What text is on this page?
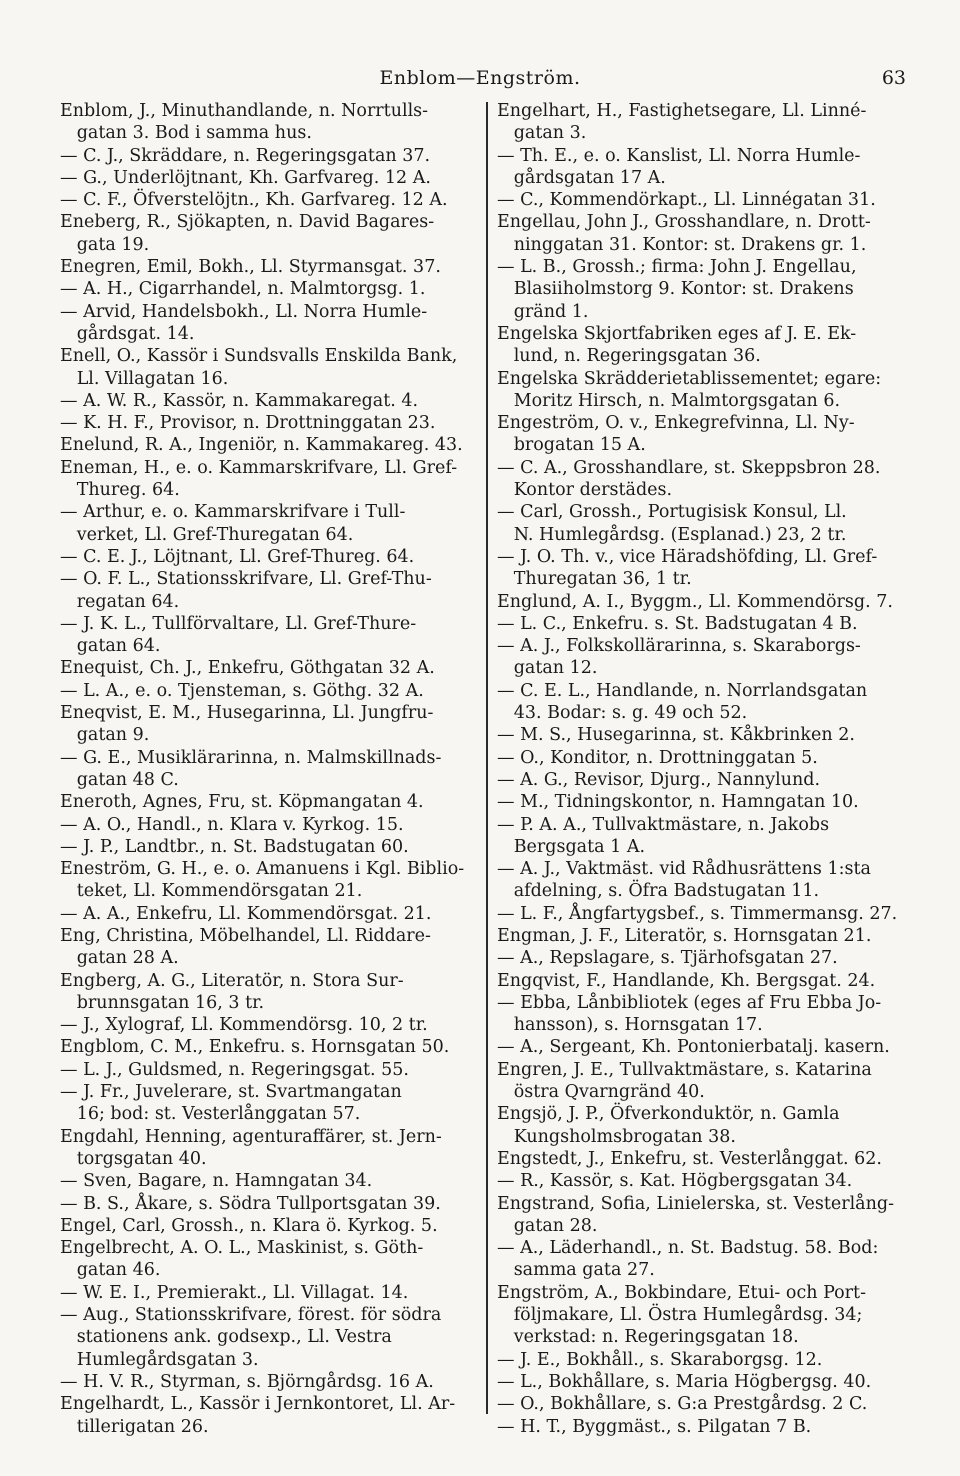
Enblom—Engström.	63
Enblom, J., Minuthandlande, n. Norrtulls-
gatan 3. Bod i samma hus.
— C. J., Skräddare, n. Regeringsgatan 37.
— G., Underlöjtnant, Kh. Garfvareg. 12 A.
— C. F., Öfverstelöjtn., Kh. Garfvareg. 12 A.
Eneberg, R., Sjökapten, n. David Bagares-
gata 19.
Enegren, Emil, Bokh., Ll. Styrmansgat. 37.
— A. H., Cigarrhandel, n. Malmtorgsg. 1.
— Arvid, Handelsbokh., Ll. Norra Humle-
gårdsgat. 14.
Enell, O., Kassör i Sundsvalls Enskilda Bank,
Ll. Villagatan 16.
— A. W. R., Kassör, n. Kammakaregat. 4.
— K. H. F., Provisor, n. Drottninggatan 23.
Enelund, R. A., Ingeniör, n. Kammakareg. 43.
Eneman, H., e. o. Kammarskrifvare, Ll. Gref-
Thureg. 64.
— Arthur, e. o. Kammarskrifvare i Tull-
verket, Ll. Gref-Thuregatan 64.
— C. E. J., Löjtnant, Ll. Gref-Thureg. 64.
— O. F. L., Stationsskrifvare, Ll. Gref-Thu-
regatan 64.
— J. K. L., Tullförvaltare, Ll. Gref-Thure-
gatan 64.
Enequist, Ch. J., Enkefru, Göthgatan 32 A.
— L. A., e. o. Tjensteman, s. Göthg. 32 A.
Eneqvist, E. M., Husegarinna, Ll. Jungfru-
gatan 9.
— G. E., Musiklärarinna, n. Malmskillnads-
gatan 48 C.
Eneroth, Agnes, Fru, st. Köpmangatan 4.
— A. O., Handl., n. Klara v. Kyrkog. 15.
— J. P., Landtbr., n. St. Badstugatan 60.
Eneström, G. H., e. o. Amanuens i Kgl. Biblio-
teket, Ll. Kommendörsgatan 21.
— A. A., Enkefru, Ll. Kommendörsgat. 21.
Eng, Christina, Möbelhandel, Ll. Riddare-
gatan 28 A.
Engberg, A. G., Literatör, n. Stora Sur-
brunnsgatan 16, 3 tr.
— J., Xylograf, Ll. Kommendörsg. 10, 2 tr.
Engblom, C. M., Enkefru. s. Hornsgatan 50.
— L. J., Guldsmed, n. Regeringsgat. 55.
— J. Fr., Juvelerare, st. Svartmangatan
16; bod: st. Vesterlånggatan 57.
Engdahl, Henning, agenturaffärer, st. Jern-
torgsgatan 40.
— Sven, Bagare, n. Hamngatan 34.
— B. S., Åkare, s. Södra Tullportsgatan 39.
Engel, Carl, Grossh., n. Klara ö. Kyrkog. 5.
Engelbrecht, A. O. L., Maskinist, s. Göth-
gatan 46.
— W. E. I., Premierakt., Ll. Villagat. 14.
— Aug., Stationsskrifvare, förest. för södra
stationens ank. godsexp., Ll. Vestra
Humlegårdsgatan 3.
— H. V. R., Styrman, s. Björngårdsg. 16 A.
Engelhardt, L., Kassör i Jernkontoret, Ll. Ar-
tillerigatan 26.
Engelhart, H., Fastighetsegare, Ll. Linné-
gatan 3.
— Th. E., e. o. Kanslist, Ll. Norra Humle-
gårdsgatan 17 A.
— C., Kommendörkapt., Ll. Linnégatan 31.
Engellau, John J., Grosshandlare, n. Drott-
ninggatan 31. Kontor: st. Drakens gr. 1.
— L. B., Grossh.; firma: John J. Engellau,
Blasiiholmstorg 9. Kontor: st. Drakens
gränd 1.
Engelska Skjortfabriken eges af J. E. Ek-
lund, n. Regeringsgatan 36.
Engelska Skrädderietablissementet; egare:
Moritz Hirsch, n. Malmtorgsgatan 6.
Engeström, O. v., Enkegrefvinna, Ll. Ny-
brogatan 15 A.
— C. A., Grosshandlare, st. Skeppsbron 28.
Kontor derstädes.
— Carl, Grossh., Portugisisk Konsul, Ll.
N. Humlegårdsg. (Esplanad.) 23, 2 tr.
— J. O. Th. v., vice Häradshöfding, Ll. Gref-
Thuregatan 36, 1 tr.
Englund, A. I., Byggm., Ll. Kommendörsg. 7.
— L. C., Enkefru. s. St. Badstugatan 4 B.
— A. J., Folkskollärarinna, s. Skaraborgs-
gatan 12.
— C. E. L., Handlande, n. Norrlandsgatan
43. Bodar: s. g. 49 och 52.
— M. S., Husegarinna, st. Kåkbrinken 2.
— O., Konditor, n. Drottninggatan 5.
— A. G., Revisor, Djurg., Nannylund.
— M., Tidningskontor, n. Hamngatan 10.
— P. A. A., Tullvaktmästare, n. Jakobs
Bergsgata 1 A.
— A. J., Vaktmäst. vid Rådhusrättens 1:sta
afdelning, s. Öfra Badstugatan 11.
— L. F., Ångfartygsbef., s. Timmermansg. 27.
Engman, J. F., Literatör, s. Hornsgatan 21.
— A., Repslagare, s. Tjärhofsgatan 27.
Engqvist, F., Handlande, Kh. Bergsgat. 24.
— Ebba, Lånbibliotek (eges af Fru Ebba Jo-
hansson), s. Hornsgatan 17.
— A., Sergeant, Kh. Pontonierbatalj. kasern.
Engren, J. E., Tullvaktmästare, s. Katarina
östra Qvarngränd 40.
Engsjö, J. P., Öfverkonduktör, n. Gamla
Kungsholmsbrogatan 38.
Engstedt, J., Enkefru, st. Vesterlånggat. 62.
— R., Kassör, s. Kat. Högbergsgatan 34.
Engstrand, Sofia, Linielerska, st. Vesterlång-
gatan 28.
— A., Läderhandl., n. St. Badstug. 58. Bod:
samma gata 27.
Engström, A., Bokbindare, Etui- och Port-
följmakare, Ll. Östra Humlegårdsg. 34;
verkstad: n. Regeringsgatan 18.
— J. E., Bokhåll., s. Skaraborgsg. 12.
— L., Bokhållare, s. Maria Högbergsg. 40.
— O., Bokhållare, s. G:a Prestgårdsg. 2 C.
— H. T., Byggmäst., s. Pilgatan 7 B.
